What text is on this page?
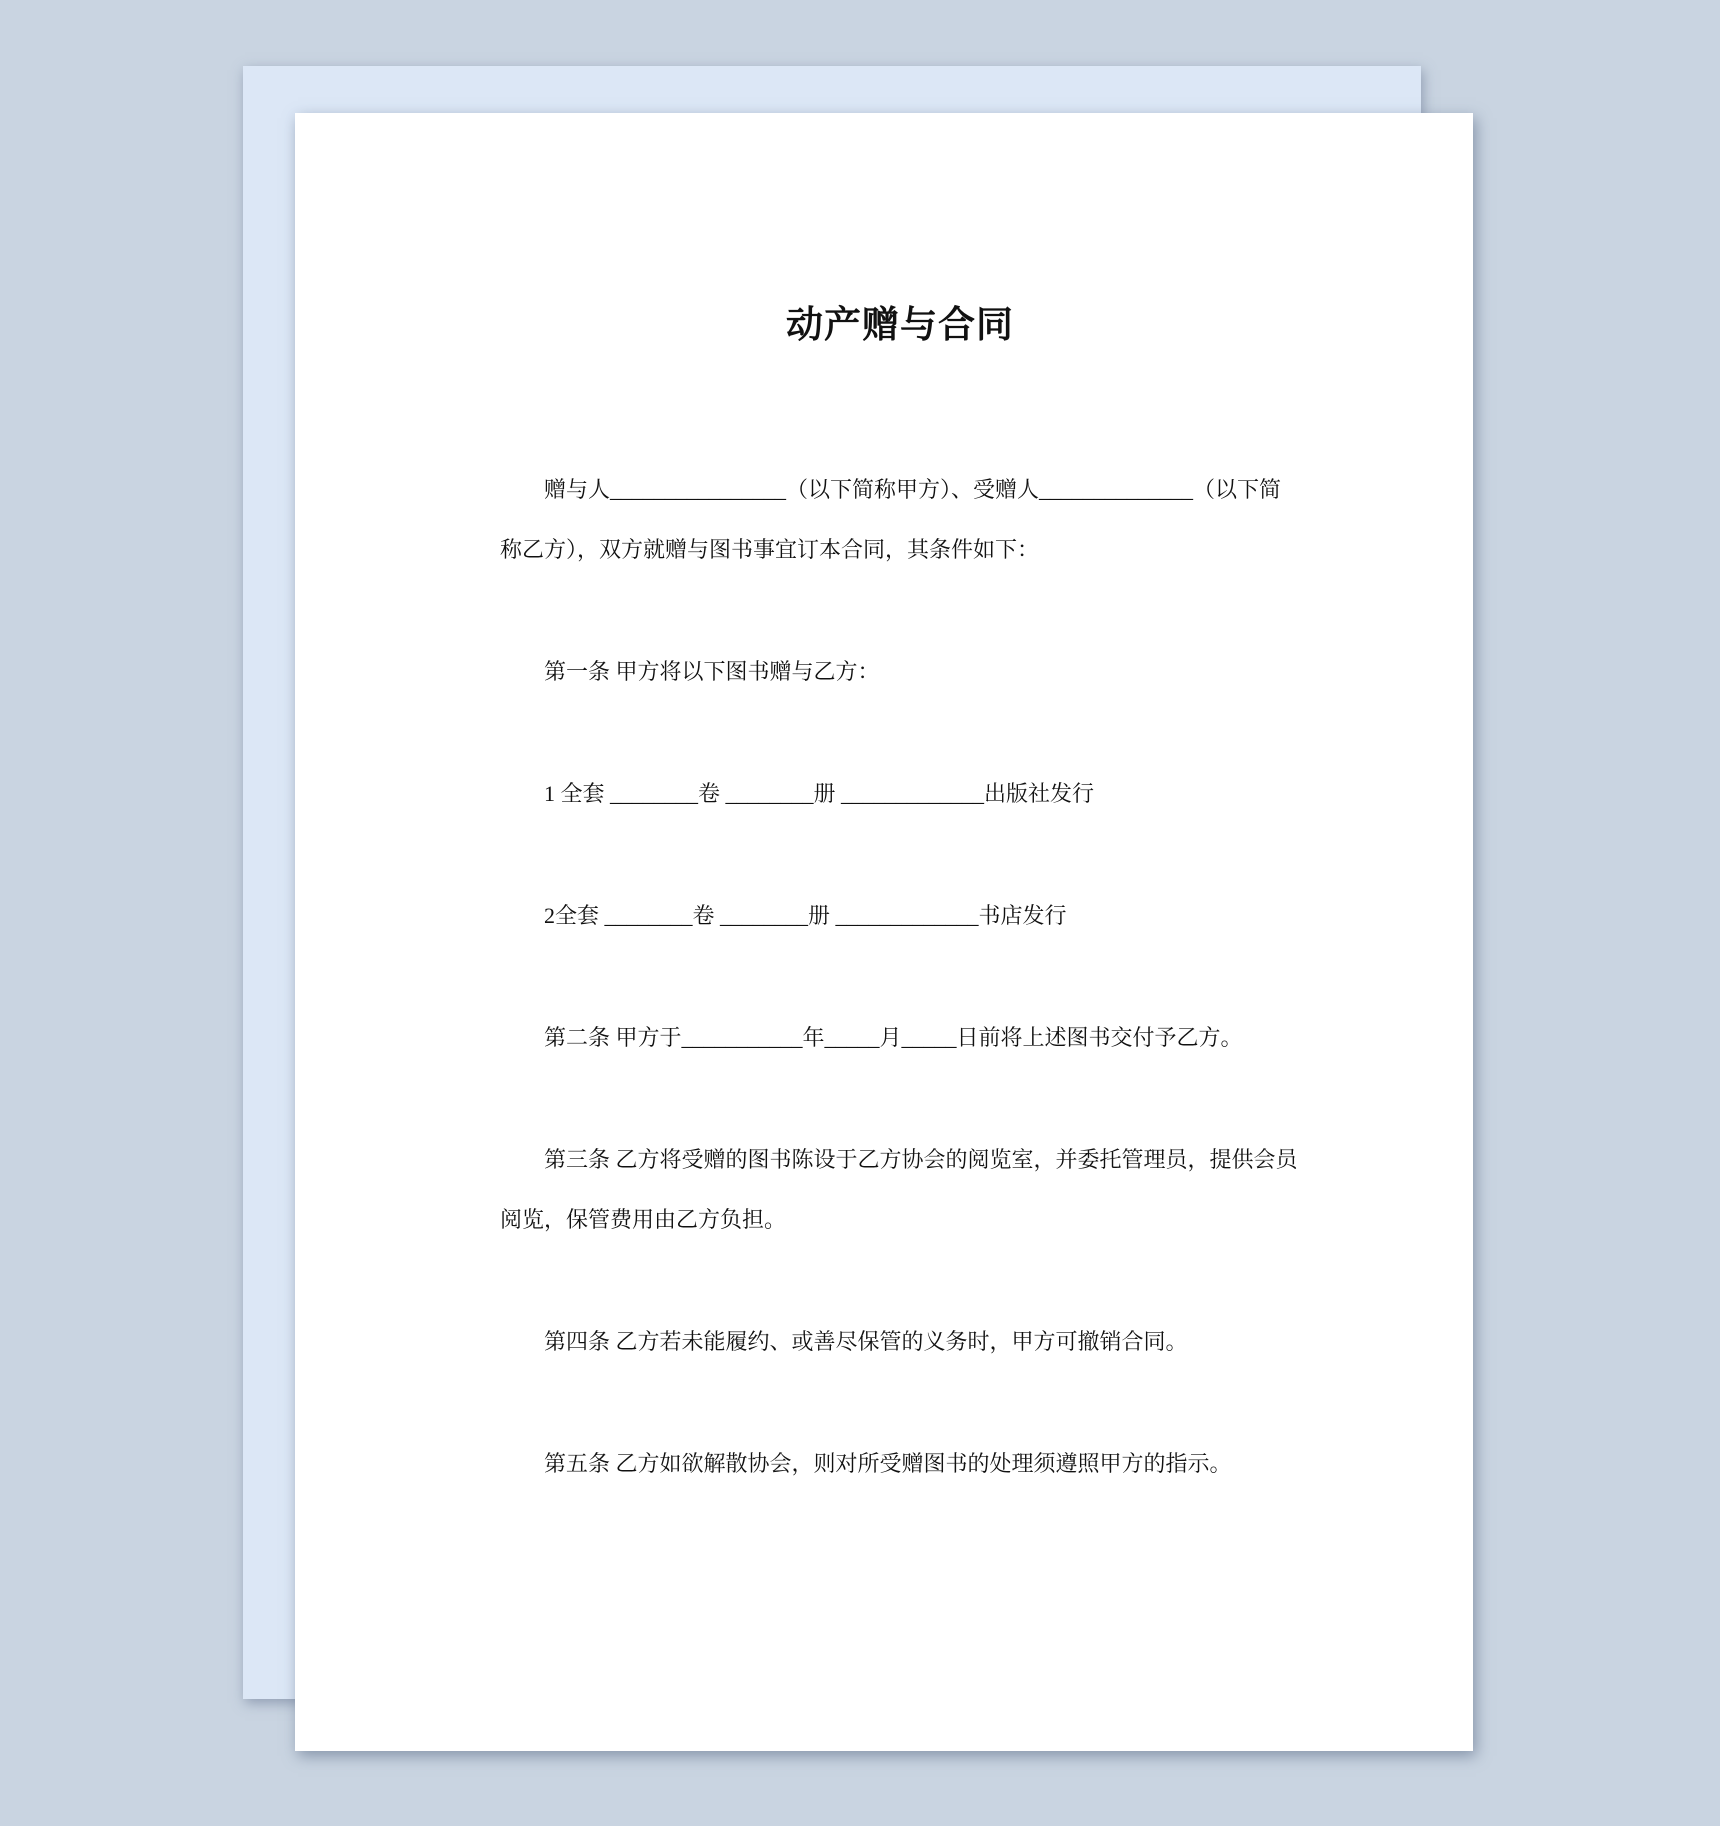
动产赠与合同

赠与人________________（以下简称甲方）、受赠人______________（以下简称乙方），双方就赠与图书事宜订本合同，其条件如下：

第一条 甲方将以下图书赠与乙方：

1 全套 ________卷 ________册 _____________出版社发行

2全套 ________卷 ________册 _____________书店发行

第二条 甲方于___________年_____月_____日前将上述图书交付予乙方。

第三条 乙方将受赠的图书陈设于乙方协会的阅览室，并委托管理员，提供会员阅览，保管费用由乙方负担。

第四条 乙方若未能履约、或善尽保管的义务时，甲方可撤销合同。

第五条 乙方如欲解散协会，则对所受赠图书的处理须遵照甲方的指示。
